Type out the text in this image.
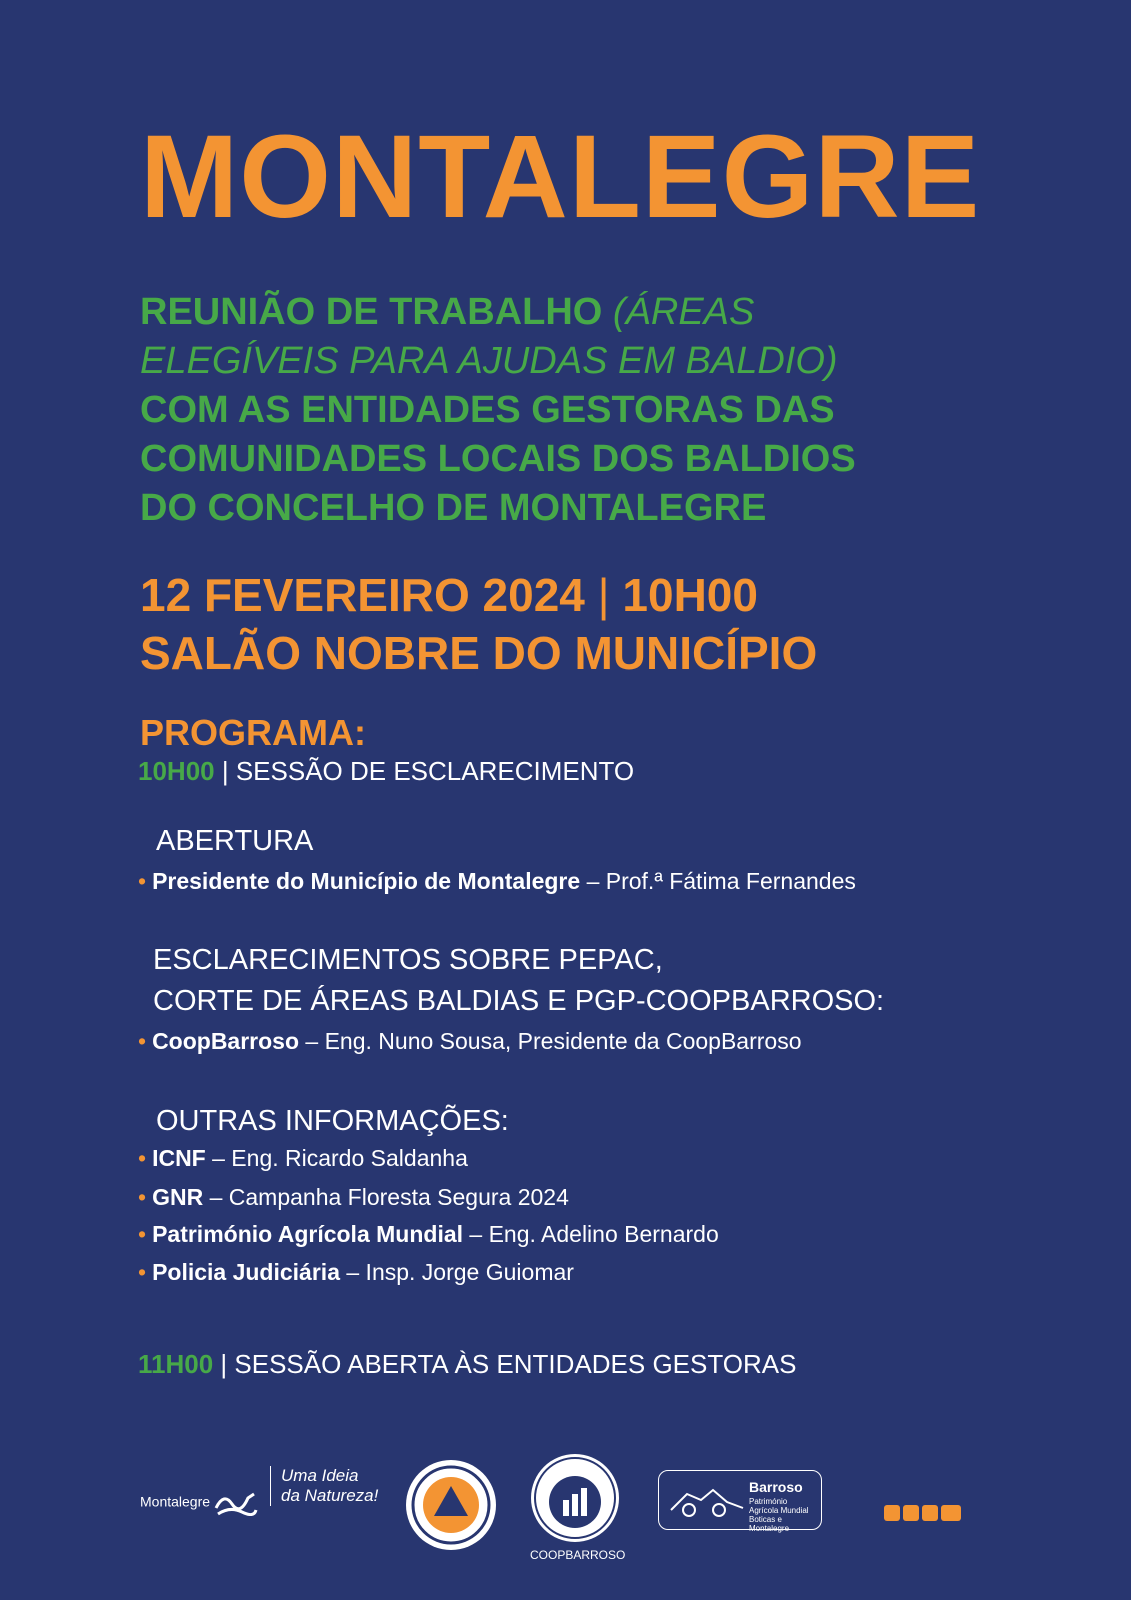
MONTALEGRE
REUNIÃO DE TRABALHO (ÁREAS
ELEGÍVEIS PARA AJUDAS EM BALDIO)
COM AS ENTIDADES GESTORAS DAS
COMUNIDADES LOCAIS DOS BALDIOS
DO CONCELHO DE MONTALEGRE
12 FEVEREIRO 2024 | 10H00
SALÃO NOBRE DO MUNICÍPIO
PROGRAMA:
10H00 | SESSÃO DE ESCLARECIMENTO
ABERTURA
• Presidente do Município de Montalegre – Prof.ª Fátima Fernandes
ESCLARECIMENTOS SOBRE PEPAC,
CORTE DE ÁREAS BALDIAS E PGP-COOPBARROSO:
• CoopBarroso – Eng. Nuno Sousa, Presidente da CoopBarroso
OUTRAS INFORMAÇÕES:
• ICNF – Eng. Ricardo Saldanha
• GNR – Campanha Floresta Segura 2024
• Património Agrícola Mundial – Eng. Adelino Bernardo
• Policia Judiciária – Insp. Jorge Guiomar
11H00 | SESSÃO ABERTA ÀS ENTIDADES GESTORAS
Montalegre
Uma Ideia
da Natureza!
COOPBARROSO
Barroso
Património
Agrícola Mundial
Boticas e Montalegre
